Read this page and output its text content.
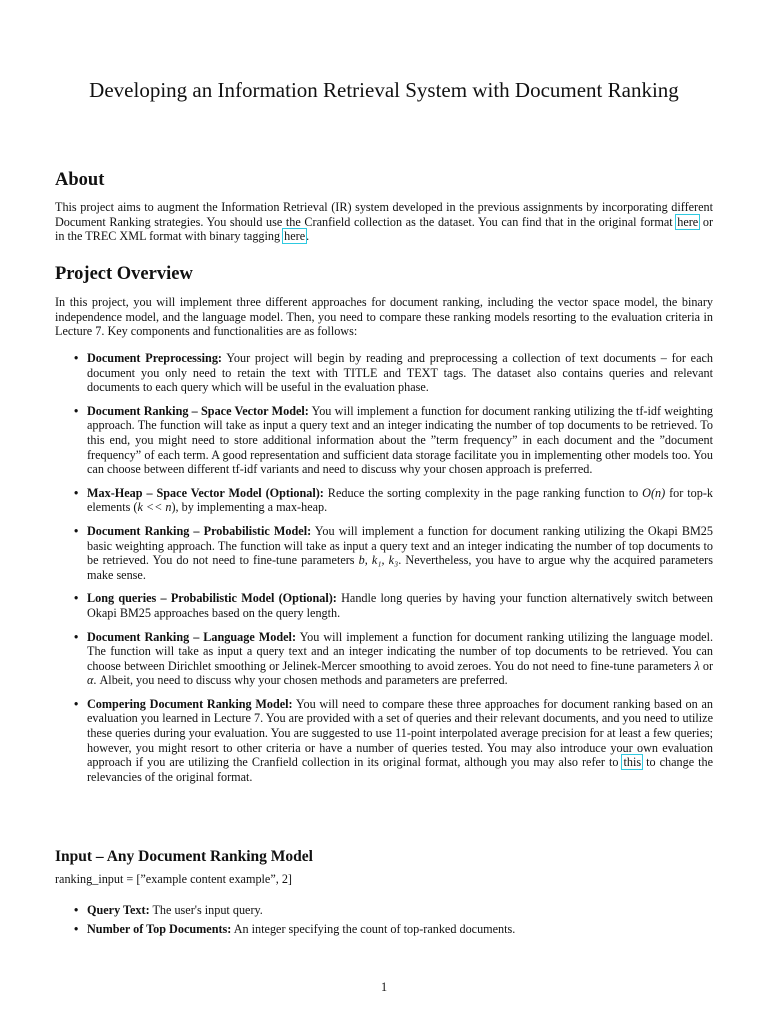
Developing an Information Retrieval System with Document Ranking
About
This project aims to augment the Information Retrieval (IR) system developed in the previous assignments by incorporating different Document Ranking strategies. You should use the Cranfield collection as the dataset. You can find that in the original format here or in the TREC XML format with binary tagging here.
Project Overview
In this project, you will implement three different approaches for document ranking, including the vector space model, the binary independence model, and the language model. Then, you need to compare these ranking models resorting to the evaluation criteria in Lecture 7. Key components and functionalities are as follows:
• Document Preprocessing: Your project will begin by reading and preprocessing a collection of text documents – for each document you only need to retain the text with TITLE and TEXT tags. The dataset also contains queries and relevant documents to each query which will be useful in the evaluation phase.
• Document Ranking – Space Vector Model: You will implement a function for document ranking utilizing the tf-idf weighting approach. The function will take as input a query text and an integer indicating the number of top documents to be retrieved. To this end, you might need to store additional information about the ”term frequency” in each document and the ”document frequency” of each term. A good representation and sufficient data storage facilitate you in implementing other models too. You can choose between different tf-idf variants and need to discuss why your chosen approach is preferred.
• Max-Heap – Space Vector Model (Optional): Reduce the sorting complexity in the page ranking function to O(n) for top-k elements (k << n), by implementing a max-heap.
• Document Ranking – Probabilistic Model: You will implement a function for document ranking utilizing the Okapi BM25 basic weighting approach. The function will take as input a query text and an integer indicating the number of top documents to be retrieved. You do not need to fine-tune parameters b, k₁, k₃. Nevertheless, you have to argue why the acquired parameters make sense.
• Long queries – Probabilistic Model (Optional): Handle long queries by having your function alternatively switch between Okapi BM25 approaches based on the query length.
• Document Ranking – Language Model: You will implement a function for document ranking utilizing the language model. The function will take as input a query text and an integer indicating the number of top documents to be retrieved. You can choose between Dirichlet smoothing or Jelinek-Mercer smoothing to avoid zeroes. You do not need to fine-tune parameters λ or α. Albeit, you need to discuss why your chosen methods and parameters are preferred.
• Compering Document Ranking Model: You will need to compare these three approaches for document ranking based on an evaluation you learned in Lecture 7. You are provided with a set of queries and their relevant documents, and you need to utilize these queries during your evaluation. You are suggested to use 11-point interpolated average precision for at least a few queries; however, you might resort to other criteria or have a number of queries tested. You may also introduce your own evaluation approach if you are utilizing the Cranfield collection in its original format, although you may also refer to this to change the relevancies of the original format.
Input – Any Document Ranking Model
ranking_input = [”example content example”, 2]
• Query Text: The user's input query.
• Number of Top Documents: An integer specifying the count of top-ranked documents.
1
